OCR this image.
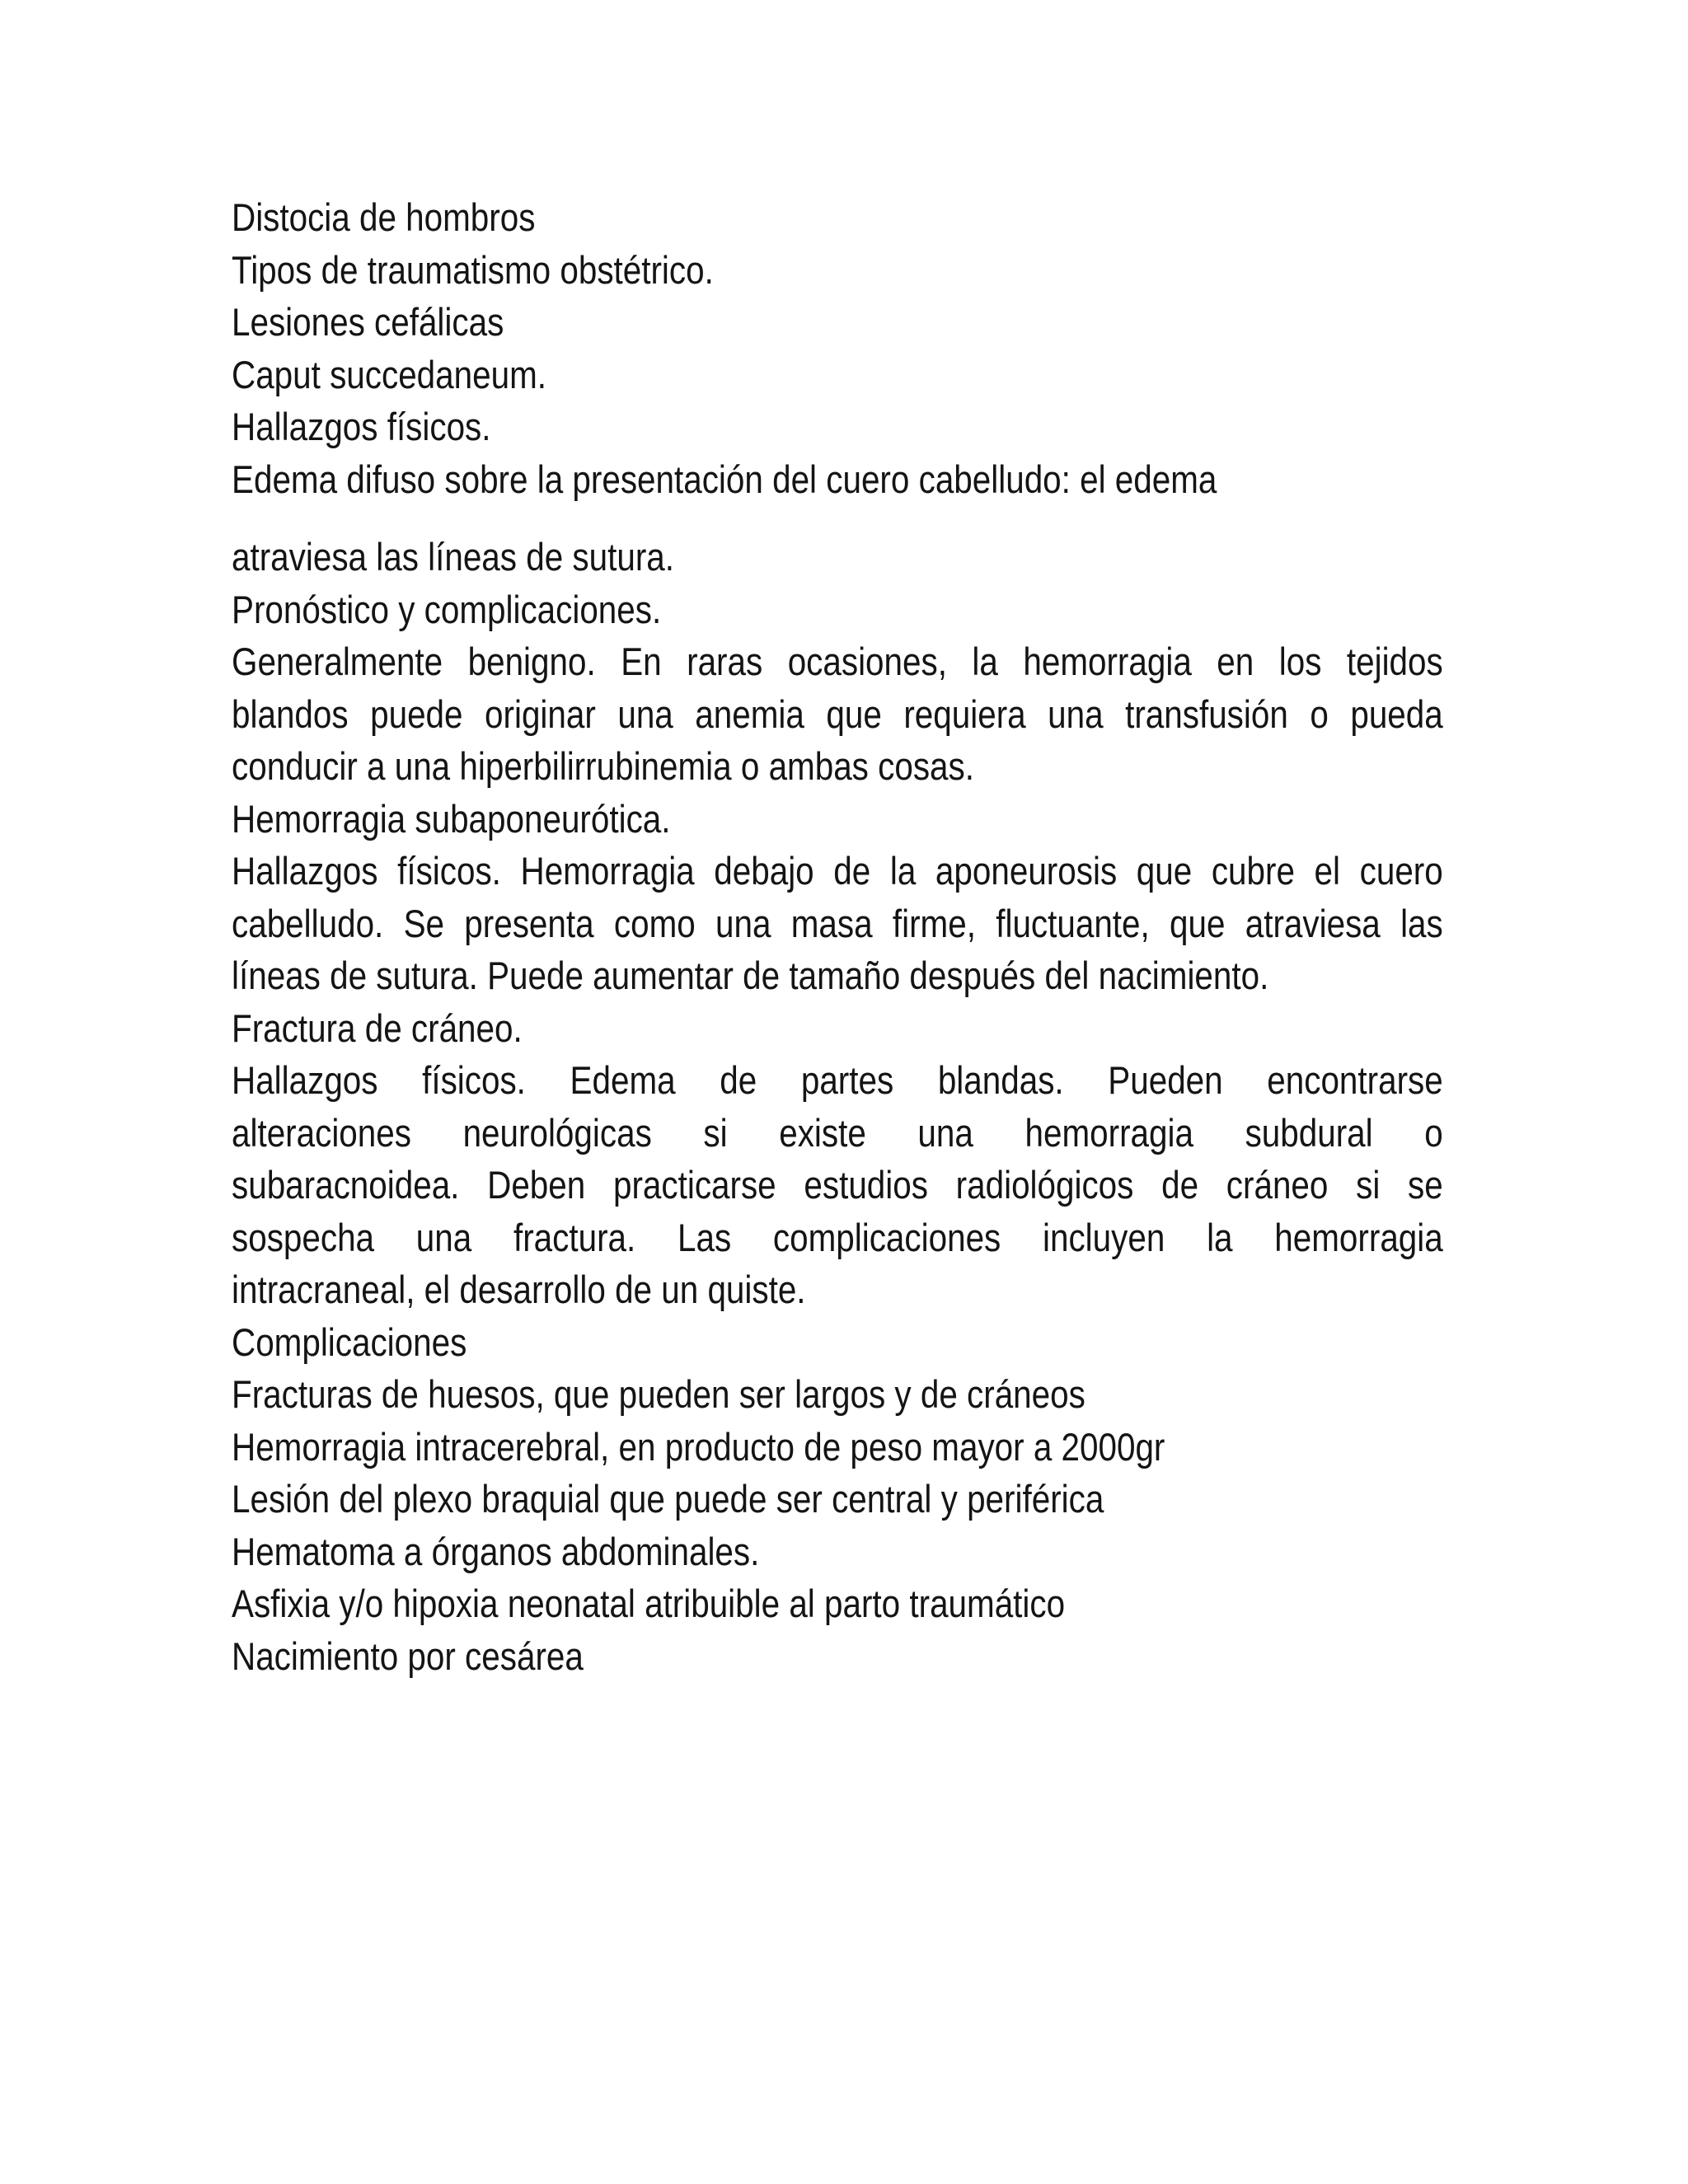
Distocia de hombros
Tipos de traumatismo obstétrico.
Lesiones cefálicas
Caput succedaneum.
Hallazgos físicos.
Edema difuso sobre la presentación del cuero cabelludo: el edema
atraviesa las líneas de sutura.
Pronóstico y complicaciones.
Generalmente benigno. En raras ocasiones, la hemorragia en los tejidos
blandos puede originar una anemia que requiera una transfusión o pueda
conducir a una hiperbilirrubinemia o ambas cosas.
Hemorragia subaponeurótica.
Hallazgos físicos. Hemorragia debajo de la aponeurosis que cubre el cuero
cabelludo. Se presenta como una masa firme, fluctuante, que atraviesa las
líneas de sutura. Puede aumentar de tamaño después del nacimiento.
Fractura de cráneo.
Hallazgos físicos. Edema de partes blandas. Pueden encontrarse
alteraciones neurológicas si existe una hemorragia subdural o
subaracnoidea. Deben practicarse estudios radiológicos de cráneo si se
sospecha una fractura. Las complicaciones incluyen la hemorragia
intracraneal, el desarrollo de un quiste.
Complicaciones
Fracturas de huesos, que pueden ser largos y de cráneos
Hemorragia intracerebral, en producto de peso mayor a 2000gr
Lesión del plexo braquial que puede ser central y periférica
Hematoma a órganos abdominales.
Asfixia y/o hipoxia neonatal atribuible al parto traumático
Nacimiento por cesárea
